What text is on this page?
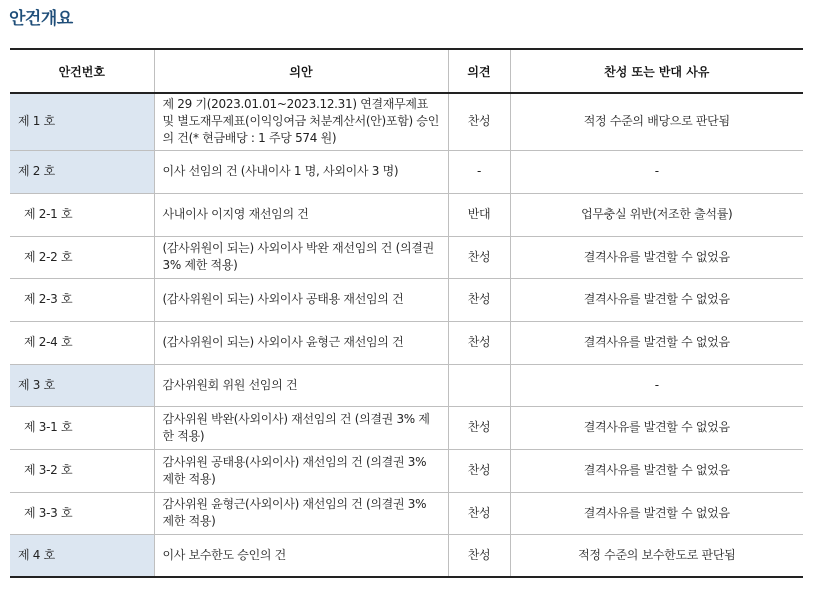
안건개요
안건번호	의안	의견	찬성 또는 반대 사유
제 1 호	제 29 기(2023.01.01~2023.12.31) 연결재무제표 및 별도재무제표(이익잉여금 처분계산서(안)포함) 승인의 건(* 현금배당 : 1 주당 574 원)	찬성	적정 수준의 배당으로 판단됨
제 2 호	이사 선임의 건 (사내이사 1 명, 사외이사 3 명)	-	-
제 2-1 호	사내이사 이지영 재선임의 건	반대	업무충실 위반(저조한 출석률)
제 2-2 호	(감사위원이 되는) 사외이사 박완 재선임의 건 (의결권 3% 제한 적용)	찬성	결격사유를 발견할 수 없었음
제 2-3 호	(감사위원이 되는) 사외이사 공태용 재선임의 건	찬성	결격사유를 발견할 수 없었음
제 2-4 호	(감사위원이 되는) 사외이사 윤형근 재선임의 건	찬성	결격사유를 발견할 수 없었음
제 3 호	감사위원회 위원 선임의 건		-
제 3-1 호	감사위원 박완(사외이사) 재선임의 건 (의결권 3% 제한 적용)	찬성	결격사유를 발견할 수 없었음
제 3-2 호	감사위원 공태용(사외이사) 재선임의 건 (의결권 3% 제한 적용)	찬성	결격사유를 발견할 수 없었음
제 3-3 호	감사위원 윤형근(사외이사) 재선임의 건 (의결권 3% 제한 적용)	찬성	결격사유를 발견할 수 없었음
제 4 호	이사 보수한도 승인의 건	찬성	적정 수준의 보수한도로 판단됨
